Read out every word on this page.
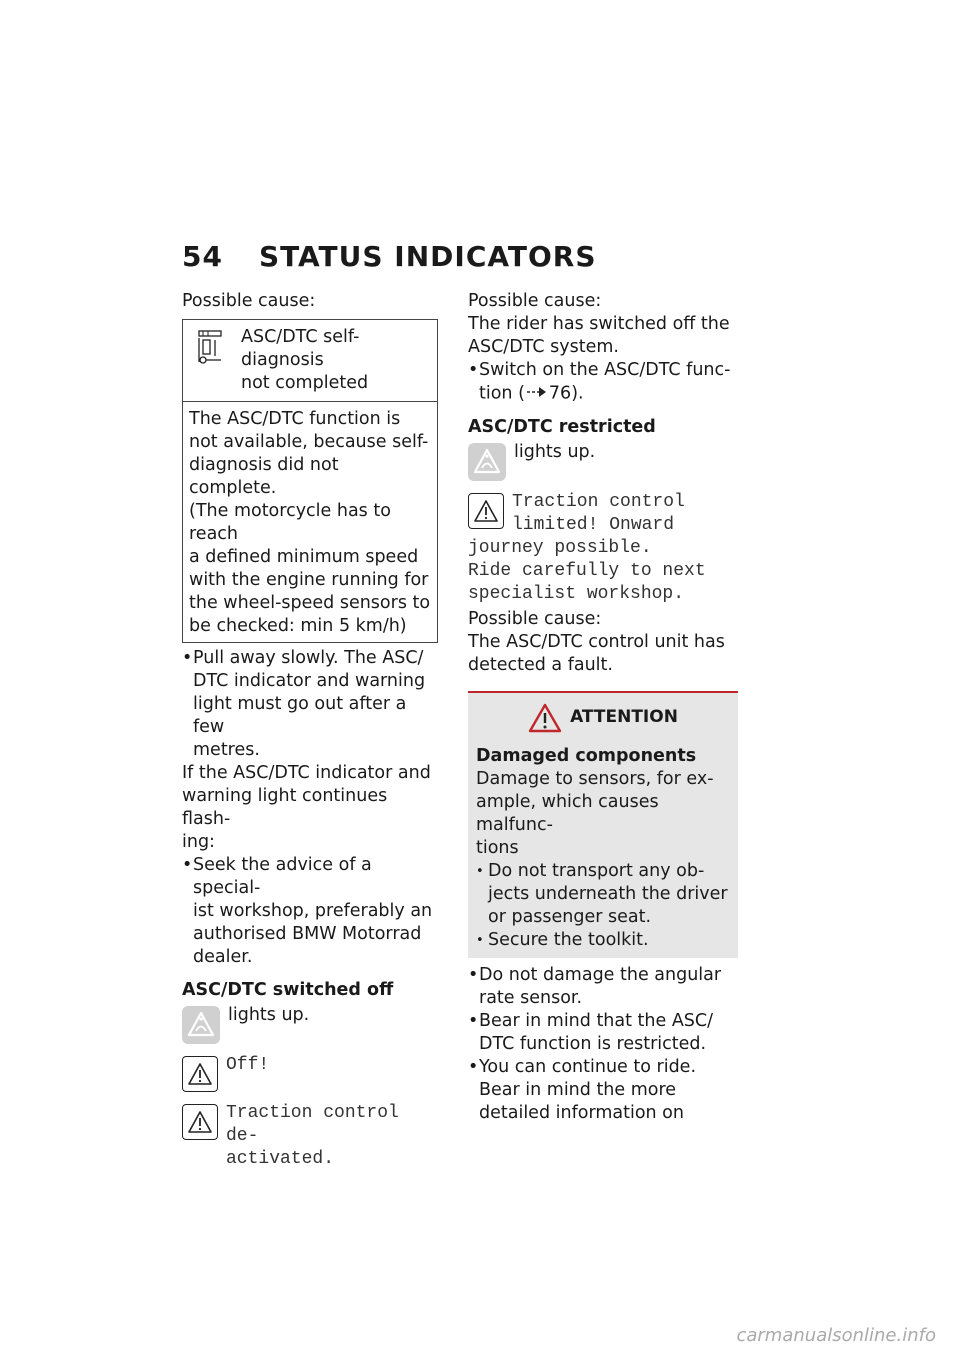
54 STATUS INDICATORS

Possible cause:

ASC/DTC self-diagnosis

not completed

The ASC/DTC function is

not available, because self-

diagnosis did not complete.

(The motorcycle has to reach

a defined minimum speed

with the engine running for

the wheel-speed sensors to

be checked: min 5 km/h)

• Pull away slowly. The ASC/

DTC indicator and warning

light must go out after a few

metres.

If the ASC/DTC indicator and

warning light continues flash-

ing:

• Seek the advice of a special-

ist workshop, preferably an

authorised BMW Motorrad

dealer.

ASC/DTC switched off

lights up.

Off!

Traction control de-

activated.

Possible cause:

The rider has switched off the

ASC/DTC system.

• Switch on the ASC/DTC func-

tion ( 76).

ASC/DTC restricted

lights up.

Traction control

limited! Onward

journey possible.

Ride carefully to next

specialist workshop.

Possible cause:

The ASC/DTC control unit has

detected a fault.

ATTENTION

Damaged components

Damage to sensors, for ex-

ample, which causes malfunc-

tions

• Do not transport any ob-

jects underneath the driver

or passenger seat.

• Secure the toolkit.

• Do not damage the angular

rate sensor.

• Bear in mind that the ASC/

DTC function is restricted.

• You can continue to ride.

Bear in mind the more

detailed information on

carmanualsonline.info
